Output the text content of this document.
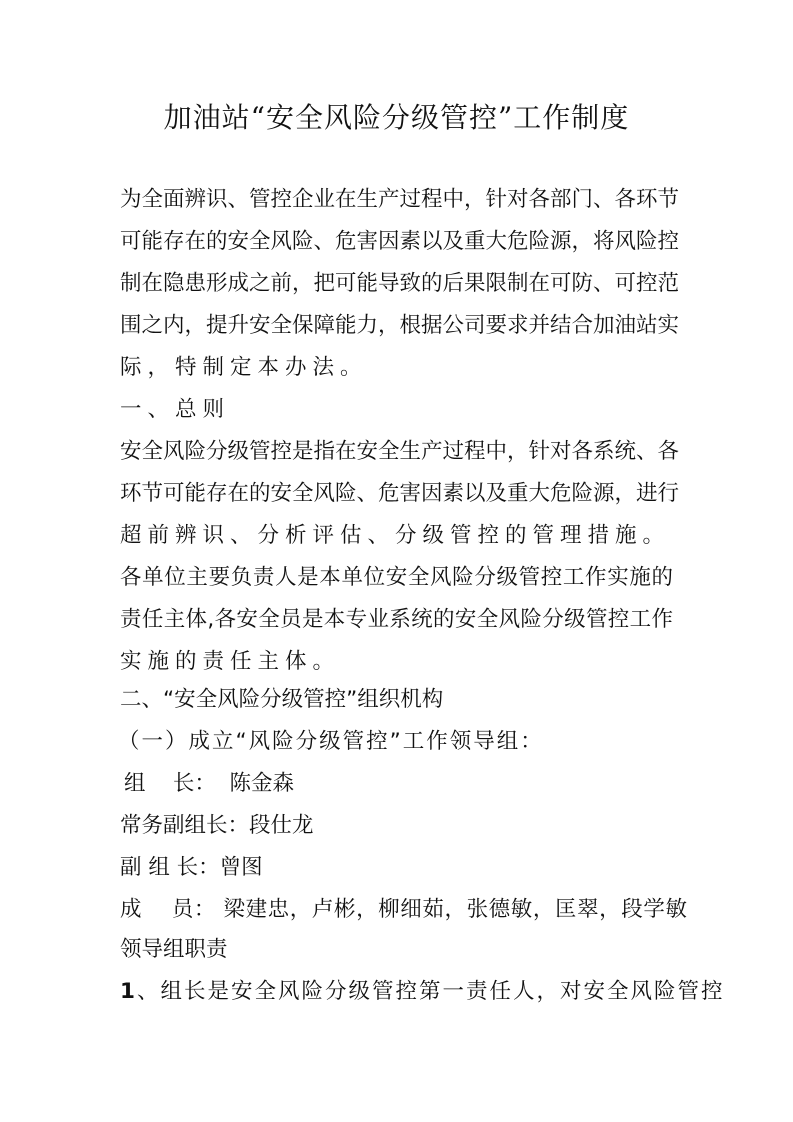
加油站“安全风险分级管控”工作制度
为全面辨识、管控企业在生产过程中，针对各部门、各环节
可能存在的安全风险、危害因素以及重大危险源，将风险控
制在隐患形成之前，把可能导致的后果限制在可防、可控范
围之内，提升安全保障能力，根据公司要求并结合加油站实
际，特制定本办法。
一、总则
安全风险分级管控是指在安全生产过程中，针对各系统、各
环节可能存在的安全风险、危害因素以及重大危险源，进行
超前辨识、分析评估、分级管控的管理措施。
各单位主要负责人是本单位安全风险分级管控工作实施的
责任主体,各安全员是本专业系统的安全风险分级管控工作
实施的责任主体。
二、“安全风险分级管控”组织机构
（一）成立“风险分级管控”工作领导组：
组    长：  陈金森
常务副组长：段仕龙
副 组 长：曾图
成    员： 梁建忠，卢彬，柳细茹，张德敏，匡翠，段学敏
领导组职责
1、组长是安全风险分级管控第一责任人，对安全风险管控
